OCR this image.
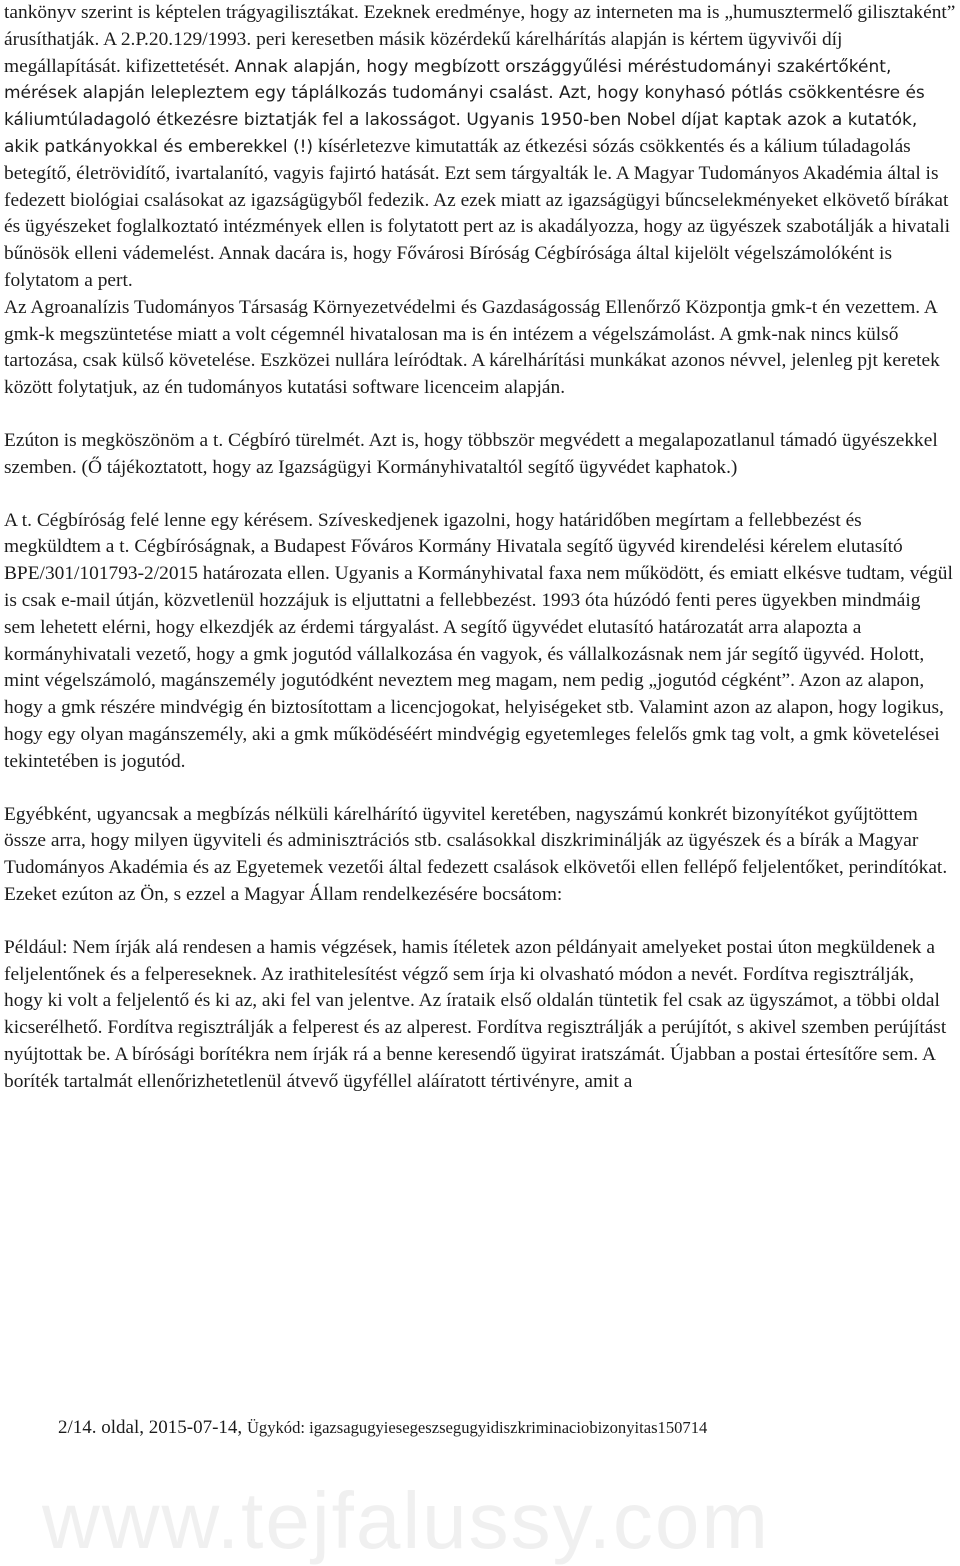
tankönyv szerint is képtelen trágyagilisztákat. Ezeknek eredménye, hogy az interneten ma is „humusztermelő gilisztaként” árusíthatják. A 2.P.20.129/1993. peri keresetben másik közérdekű kárelhárítás alapján is kértem ügyvivői díj megállapítását. kifizettetését. Annak alapján, hogy megbízott országgyűlési méréstudományi szakértőként, mérések alapján lelepleztem egy táplálkozás tudományi csalást. Azt, hogy konyhasó pótlás csökkentésre és káliumtúladagoló étkezésre biztatják fel a lakosságot. Ugyanis 1950-ben Nobel díjat kaptak azok a kutatók, akik patkányokkal és emberekkel (!) kísérletezve kimutatták az étkezési sózás csökkentés és a kálium túladagolás betegítő, életrövidítő, ivartalanító, vagyis fajirtó hatását. Ezt sem tárgyalták le. A Magyar Tudományos Akadémia által is fedezett biológiai csalásokat az igazságügyből fedezik. Az ezek miatt az igazságügyi bűncselekményeket elkövető bírákat és ügyészeket foglalkoztató intézmények ellen is folytatott pert az is akadályozza, hogy az ügyészek szabotálják a hivatali bűnösök elleni vádemelést. Annak dacára is, hogy Fővárosi Bíróság Cégbírósága által kijelölt végelszámolóként is folytatom a pert.

Az Agroanalízis Tudományos Társaság Környezetvédelmi és Gazdaságosság Ellenőrző Központja gmk-t én vezettem. A gmk-k megszüntetése miatt a volt cégemnél hivatalosan ma is én intézem a végelszámolást. A gmk-nak nincs külső tartozása, csak külső követelése. Eszközei nullára leíródtak. A kárelhárítási munkákat azonos névvel, jelenleg pjt keretek között folytatjuk, az én tudományos kutatási software licenceim alapján.

Ezúton is megköszönöm a t. Cégbíró türelmét. Azt is, hogy többször megvédett a megalapozatlanul támadó ügyészekkel szemben. (Ő tájékoztatott, hogy az Igazságügyi Kormányhivataltól segítő ügyvédet kaphatok.)

A t. Cégbíróság felé lenne egy kérésem. Szíveskedjenek igazolni, hogy határidőben megírtam a fellebbezést és megküldtem a t. Cégbíróságnak, a Budapest Főváros Kormány Hivatala segítő ügyvéd kirendelési kérelem elutasító BPE/301/101793-2/2015 határozata ellen. Ugyanis a Kormányhivatal faxa nem működött, és emiatt elkésve tudtam, végül is csak e-mail útján, közvetlenül hozzájuk is eljuttatni a fellebbezést. 1993 óta húzódó fenti peres ügyekben mindmáig sem lehetett elérni, hogy elkezdjék az érdemi tárgyalást. A segítő ügyvédet elutasító határozatát arra alapozta a kormányhivatali vezető, hogy a gmk jogutód vállalkozása én vagyok, és vállalkozásnak nem jár segítő ügyvéd. Holott, mint végelszámoló, magánszemély jogutódként neveztem meg magam, nem pedig „jogutód cégként”. Azon az alapon, hogy a gmk részére mindvégig én biztosítottam a licencjogokat, helyiségeket stb. Valamint azon az alapon, hogy logikus, hogy egy olyan magánszemély, aki a gmk működéséért mindvégig egyetemleges felelős gmk tag volt, a gmk követelései tekintetében is jogutód.

Egyébként, ugyancsak a megbízás nélküli kárelhárító ügyvitel keretében, nagyszámú konkrét bizonyítékot gyűjtöttem össze arra, hogy milyen ügyviteli és adminisztrációs stb. csalásokkal diszkriminálják az ügyészek és a bírák a Magyar Tudományos Akadémia és az Egyetemek vezetői által fedezett csalások elkövetői ellen fellépő feljelentőket, perindítókat. Ezeket ezúton az Ön, s ezzel a Magyar Állam rendelkezésére bocsátom:

Például: Nem írják alá rendesen a hamis végzések, hamis ítéletek azon példányait amelyeket postai úton megküldenek a feljelentőnek és a felpereseknek. Az irathitelesítést végző sem írja ki olvasható módon a nevét. Fordítva regisztrálják, hogy ki volt a feljelentő és ki az, aki fel van jelentve. Az írataik első oldalán tüntetik fel csak az ügyszámot, a többi oldal kicserélhető. Fordítva regisztrálják a felperest és az alperest. Fordítva regisztrálják a perújítót, s akivel szemben perújítást nyújtottak be. A bírósági borítékra nem írják rá a benne keresendő ügyirat iratszámát. Újabban a postai értesítőre sem. A boríték tartalmát ellenőrizhetetlenül átvevő ügyféllel aláíratott tértivényre, amit a

2/14. oldal, 2015-07-14, Ügykód: igazsagugyiesegeszsegugyidiszkriminaciobizonyitas150714
www.tejfalussy.com
